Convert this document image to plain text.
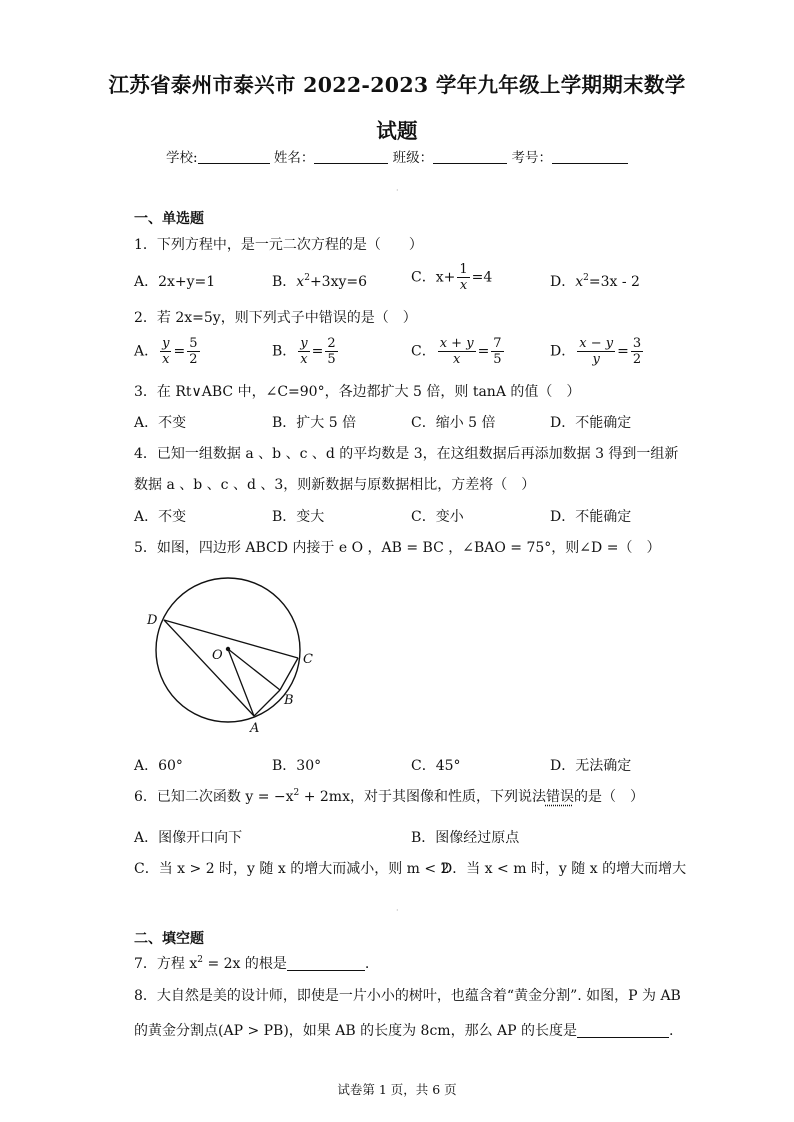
江苏省泰州市泰兴市 2022-2023 学年九年级上学期期末数学
试题
学校:	姓名：	班级：	考号：
·
一、单选题
1．下列方程中，是一元二次方程的是（　　）
A．2x+y=1	B．$x^2+3xy=6$	C．$x+ \frac{1}{x} =4$	D．$x^2=3x - 2$
2．若 2x=5y，则下列式子中错误的是（　）
A． $\frac{y}{x} = \frac{5}{2}$	B． $\frac{y}{x} = \frac{2}{5}$	C． $\frac{x + y}{x} = \frac{7}{5}$	D． $\frac{x - y}{y} = \frac{3}{2}$
3．在 Rt∨ABC 中，∠C=90°，各边都扩大 5 倍，则 tanA 的值（　）
A．不变	B．扩大 5 倍	C．缩小 5 倍	D．不能确定
4．已知一组数据 a 、b 、c 、d 的平均数是 3，在这组数据后再添加数据 3 得到一组新
数据 a 、b 、c 、d 、3，则新数据与原数据相比，方差将（　）
A．不变	B．变大	C．变小	D．不能确定
5．如图，四边形 ABCD 内接于 e O ，AB = BC ，∠BAO = 75°，则∠D =（　）
D
O	C
B
A
A．60°	B．30°	C．45°	D．无法确定
6．已知二次函数 $y = -x^2 + 2mx$，对于其图像和性质，下列说法错误的是（　）
A．图像开口向下	B．图像经过原点
C．当 x > 2 时，y 随 x 的增大而减小，则 m < 2
D．当 x < m 时，y 随 x 的增大而增大
·
二、填空题
7．方程 $x^2 = 2x$ 的根是	.
8．大自然是美的设计师，即使是一片小小的树叶，也蕴含着“黄金分割”. 如图，P 为 AB
的黄金分割点(AP > PB)，如果 AB 的长度为 8cm，那么 AP 的长度是	.
试卷第 1 页，共 6 页
